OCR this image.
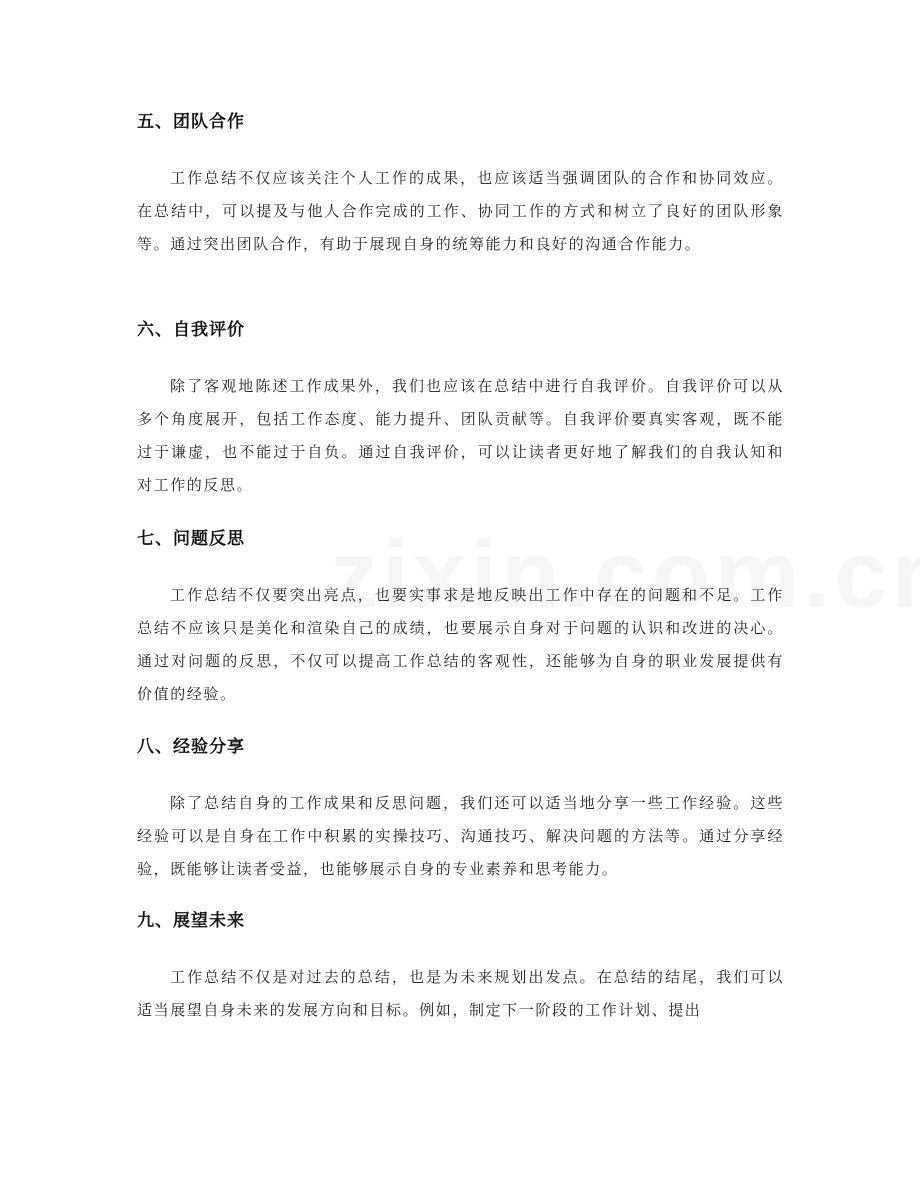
五、团队合作

工作总结不仅应该关注个人工作的成果，也应该适当强调团队的合作和协同效应。在总结中，可以提及与他人合作完成的工作、协同工作的方式和树立了良好的团队形象等。通过突出团队合作，有助于展现自身的统筹能力和良好的沟通合作能力。

六、自我评价

除了客观地陈述工作成果外，我们也应该在总结中进行自我评价。自我评价可以从多个角度展开，包括工作态度、能力提升、团队贡献等。自我评价要真实客观，既不能过于谦虚，也不能过于自负。通过自我评价，可以让读者更好地了解我们的自我认知和对工作的反思。

七、问题反思

工作总结不仅要突出亮点，也要实事求是地反映出工作中存在的问题和不足。工作总结不应该只是美化和渲染自己的成绩，也要展示自身对于问题的认识和改进的决心。通过对问题的反思，不仅可以提高工作总结的客观性，还能够为自身的职业发展提供有价值的经验。

八、经验分享

除了总结自身的工作成果和反思问题，我们还可以适当地分享一些工作经验。这些经验可以是自身在工作中积累的实操技巧、沟通技巧、解决问题的方法等。通过分享经验，既能够让读者受益，也能够展示自身的专业素养和思考能力。

九、展望未来

工作总结不仅是对过去的总结，也是为未来规划出发点。在总结的结尾，我们可以适当展望自身未来的发展方向和目标。例如，制定下一阶段的工作计划、提出
